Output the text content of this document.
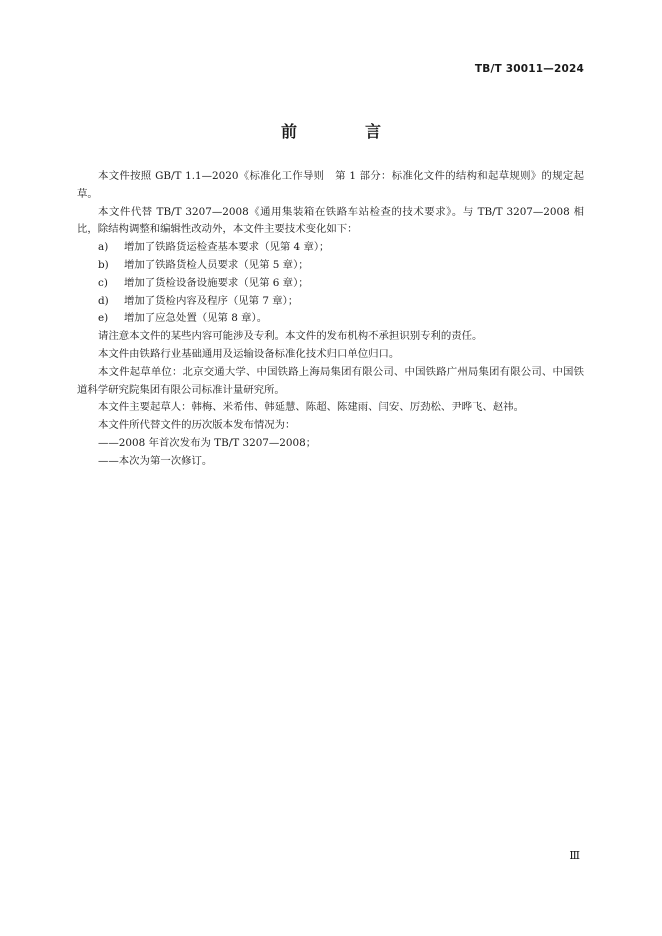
TB/T 30011—2024
前　言

本文件按照 GB/T 1.1—2020《标准化工作导则　第 1 部分：标准化文件的结构和起草规则》的规定起草。

本文件代替 TB/T 3207—2008《通用集装箱在铁路车站检查的技术要求》。与 TB/T 3207—2008 相比，除结构调整和编辑性改动外，本文件主要技术变化如下：

a) 增加了铁路货运检查基本要求（见第 4 章）；

b) 增加了铁路货检人员要求（见第 5 章）；

c) 增加了货检设备设施要求（见第 6 章）；

d) 增加了货检内容及程序（见第 7 章）；

e) 增加了应急处置（见第 8 章）。

请注意本文件的某些内容可能涉及专利。本文件的发布机构不承担识别专利的责任。

本文件由铁路行业基础通用及运输设备标准化技术归口单位归口。

本文件起草单位：北京交通大学、中国铁路上海局集团有限公司、中国铁路广州局集团有限公司、中国铁道科学研究院集团有限公司标准计量研究所。

本文件主要起草人：韩梅、米希伟、韩延慧、陈超、陈建雨、闫安、厉劲松、尹晔飞、赵祎。

本文件所代替文件的历次版本发布情况为：

——2008 年首次发布为 TB/T 3207—2008；

——本次为第一次修订。

Ⅲ
